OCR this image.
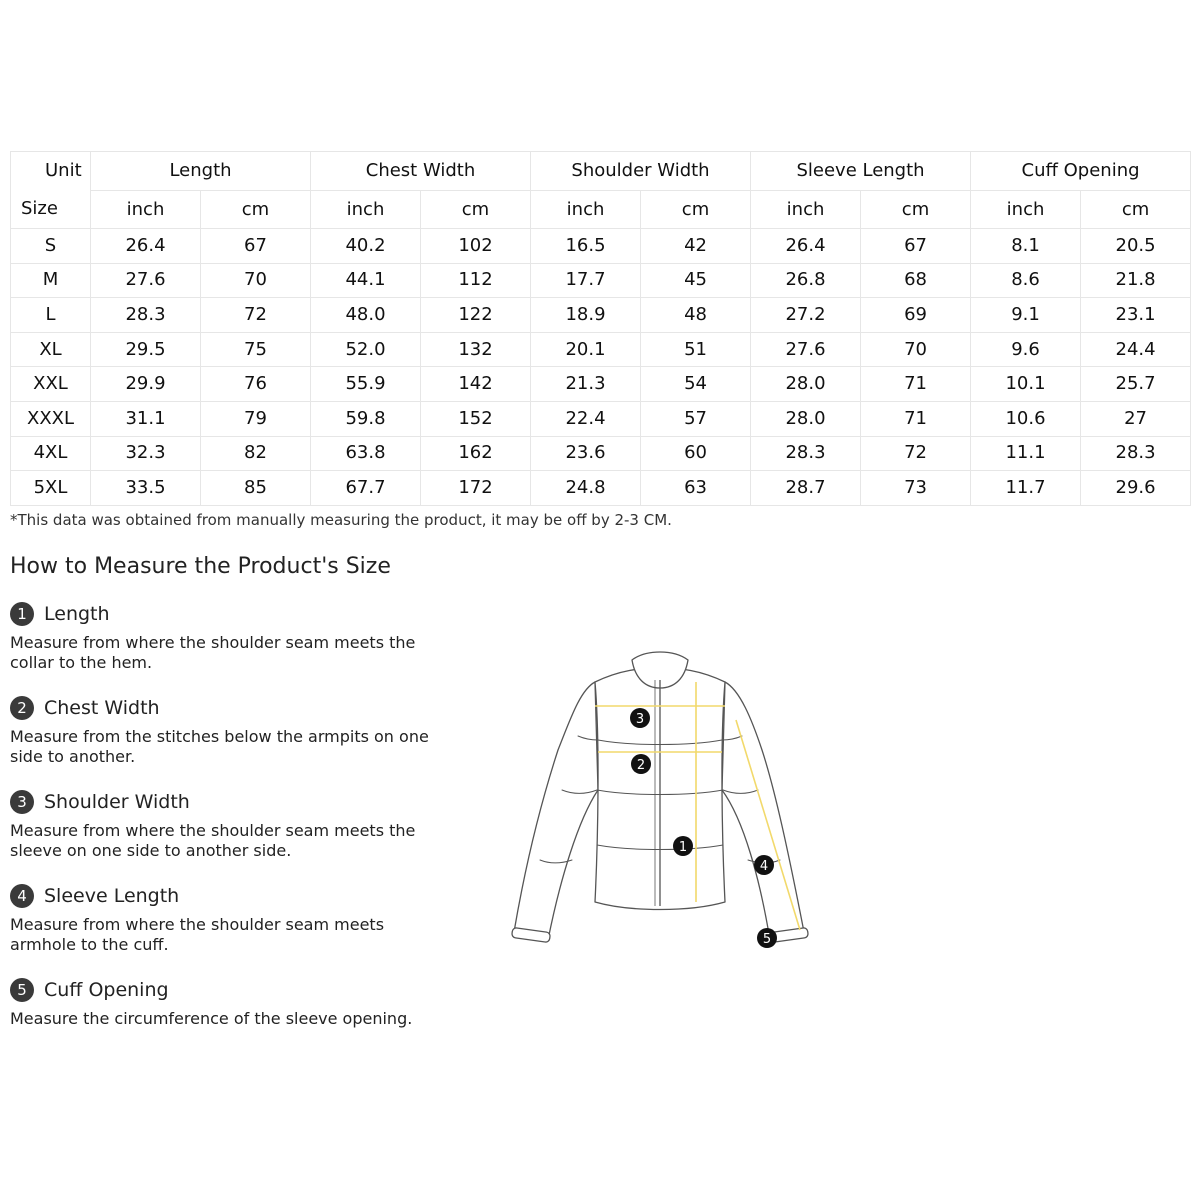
Unit	Length		Chest Width		Shoulder Width		Sleeve Length		Cuff Opening	
Size	inch	cm	inch	cm	inch	cm	inch	cm	inch	cm
S	26.4	67	40.2	102	16.5	42	26.4	67	8.1	20.5
M	27.6	70	44.1	112	17.7	45	26.8	68	8.6	21.8
L	28.3	72	48.0	122	18.9	48	27.2	69	9.1	23.1
XL	29.5	75	52.0	132	20.1	51	27.6	70	9.6	24.4
XXL	29.9	76	55.9	142	21.3	54	28.0	71	10.1	25.7
XXXL	31.1	79	59.8	152	22.4	57	28.0	71	10.6	27
4XL	32.3	82	63.8	162	23.6	60	28.3	72	11.1	28.3
5XL	33.5	85	67.7	172	24.8	63	28.7	73	11.7	29.6
*This data was obtained from manually measuring the product, it may be off by 2-3 CM.
How to Measure the Product's Size
1 Length
Measure from where the shoulder seam meets the collar to the hem.
2 Chest Width
Measure from the stitches below the armpits on one side to another.
3 Shoulder Width
Measure from where the shoulder seam meets the sleeve on one side to another side.
4 Sleeve Length
Measure from where the shoulder seam meets armhole to the cuff.
5 Cuff Opening
Measure the circumference of the sleeve opening.
3
2
1
4
5
